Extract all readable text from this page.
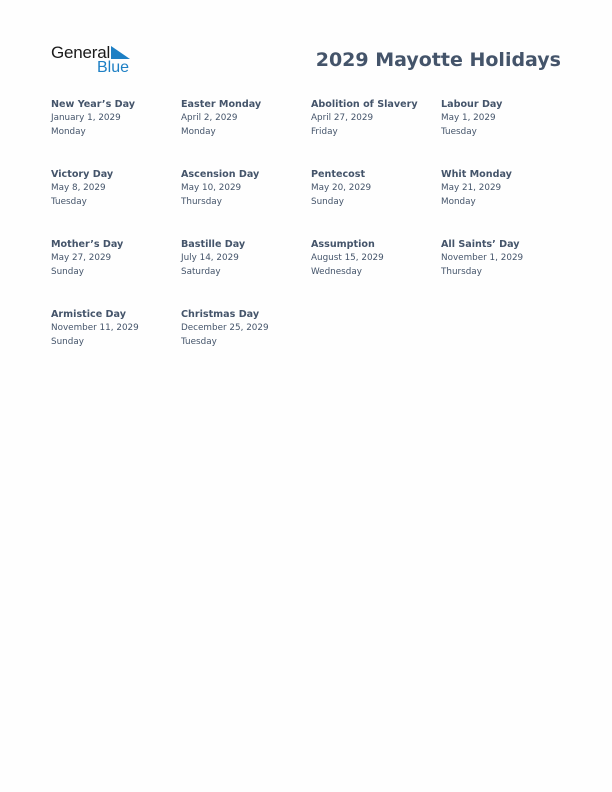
General
Blue	2029 Mayotte Holidays
New Year’s Day
January 1, 2029
Monday
Easter Monday
April 2, 2029
Monday
Abolition of Slavery
April 27, 2029
Friday
Labour Day
May 1, 2029
Tuesday
Victory Day
May 8, 2029
Tuesday
Ascension Day
May 10, 2029
Thursday
Pentecost
May 20, 2029
Sunday
Whit Monday
May 21, 2029
Monday
Mother’s Day
May 27, 2029
Sunday
Bastille Day
July 14, 2029
Saturday
Assumption
August 15, 2029
Wednesday
All Saints’ Day
November 1, 2029
Thursday
Armistice Day
November 11, 2029
Sunday
Christmas Day
December 25, 2029
Tuesday
